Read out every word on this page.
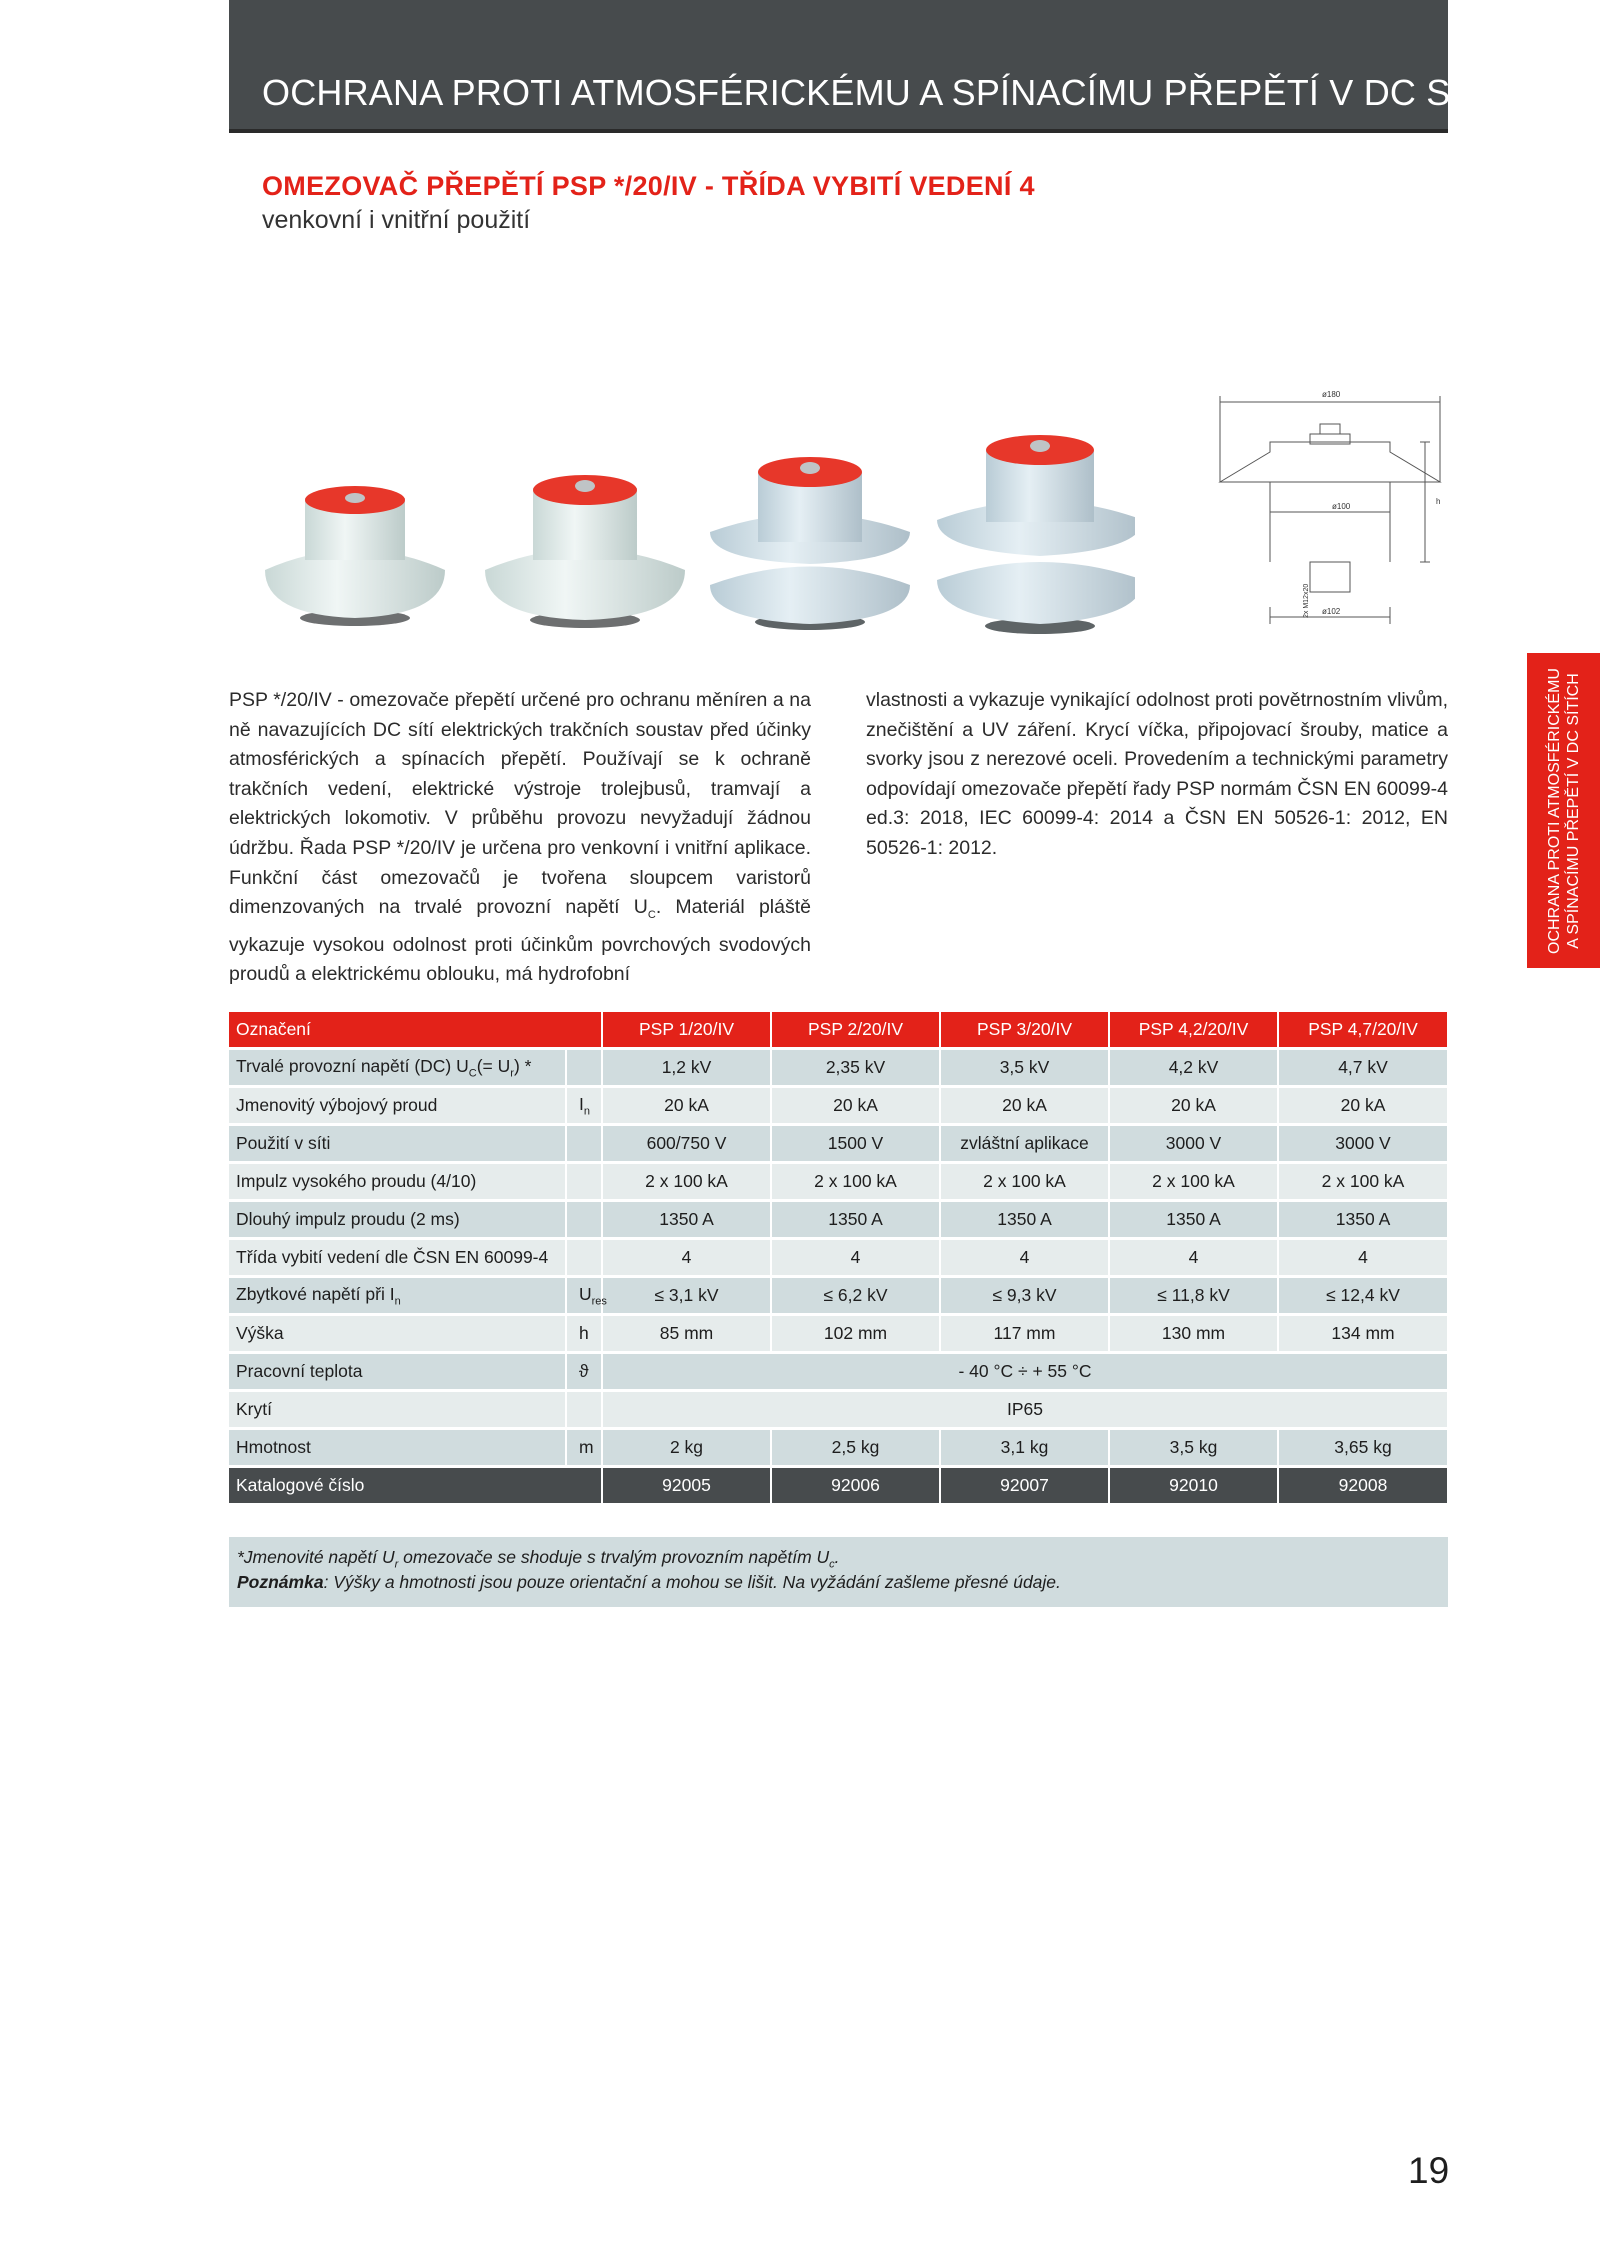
OCHRANA PROTI ATMOSFÉRICKÉMU A SPÍNACÍMU PŘEPĚTÍ V DC SÍTÍCH
OMEZOVAČ PŘEPĚTÍ PSP */20/IV - TŘÍDA VYBITÍ VEDENÍ 4
venkovní i vnitřní použití
OCHRANA PROTI ATMOSFÉRICKÉMU A SPÍNACÍMU PŘEPĚTÍ V DC SÍTÍCH
ø180
ø100
ø102
h
2x M12x20
PSP */20/IV - omezovače přepětí určené pro ochranu měníren a na ně navazujících DC sítí elektrických trakčních soustav před účinky atmosférických a spínacích přepětí. Používají se k ochraně trakčních vedení, elektrické výstroje trolejbusů, tramvají a elektrických lokomotiv. V průběhu provozu nevyžadují žádnou údržbu. Řada PSP */20/IV je určena pro venkovní i vnitřní aplikace. Funkční část omezovačů je tvořena sloupcem varistorů dimenzovaných na trvalé provozní napětí $U_C$. Materiál pláště vykazuje vysokou odolnost proti účinkům povrchových svodových proudů a elektrickému oblouku, má hydrofobní
vlastnosti a vykazuje vynikající odolnost proti povětrnostním vlivům, znečištění a UV záření. Krycí víčka, připojovací šrouby, matice a svorky jsou z nerezové oceli. Provedením a technickými parametry odpovídají omezovače přepětí řady PSP normám ČSN EN 60099-4 ed.3: 2018, IEC 60099-4: 2014 a ČSN EN 50526-1: 2012, EN 50526-1: 2012.
Označení		PSP 1/20/IV	PSP 2/20/IV	PSP 3/20/IV	PSP 4,2/20/IV	PSP 4,7/20/IV
Trvalé provozní napětí (DC) $U_C(= U_r)$ *		1,2 kV	2,35 kV	3,5 kV	4,2 kV	4,7 kV
Jmenovitý výbojový proud	$I_n$	20 kA	20 kA	20 kA	20 kA	20 kA
Použití v síti		600/750 V	1500 V	zvláštní aplikace	3000 V	3000 V
Impulz vysokého proudu (4/10)		2 x 100 kA	2 x 100 kA	2 x 100 kA	2 x 100 kA	2 x 100 kA
Dlouhý impulz proudu (2 ms)		1350 A	1350 A	1350 A	1350 A	1350 A
Třída vybití vedení dle ČSN EN 60099-4		4	4	4	4	4
Zbytkové napětí při $I_n$	$U_{res}$	≤ 3,1 kV	≤ 6,2 kV	≤ 9,3 kV	≤ 11,8 kV	≤ 12,4 kV
Výška	h	85 mm	102 mm	117 mm	130 mm	134 mm
Pracovní teplota	ϑ	- 40 °C ÷ + 55 °C				
Krytí		IP65				
Hmotnost	m	2 kg	2,5 kg	3,1 kg	3,5 kg	3,65 kg
Katalogové číslo		92005	92006	92007	92010	92008
*Jmenovité napětí $U_r$ omezovače se shoduje s trvalým provozním napětím $U_c$.
Poznámka: Výšky a hmotnosti jsou pouze orientační a mohou se lišit. Na vyžádání zašleme přesné údaje.
19
